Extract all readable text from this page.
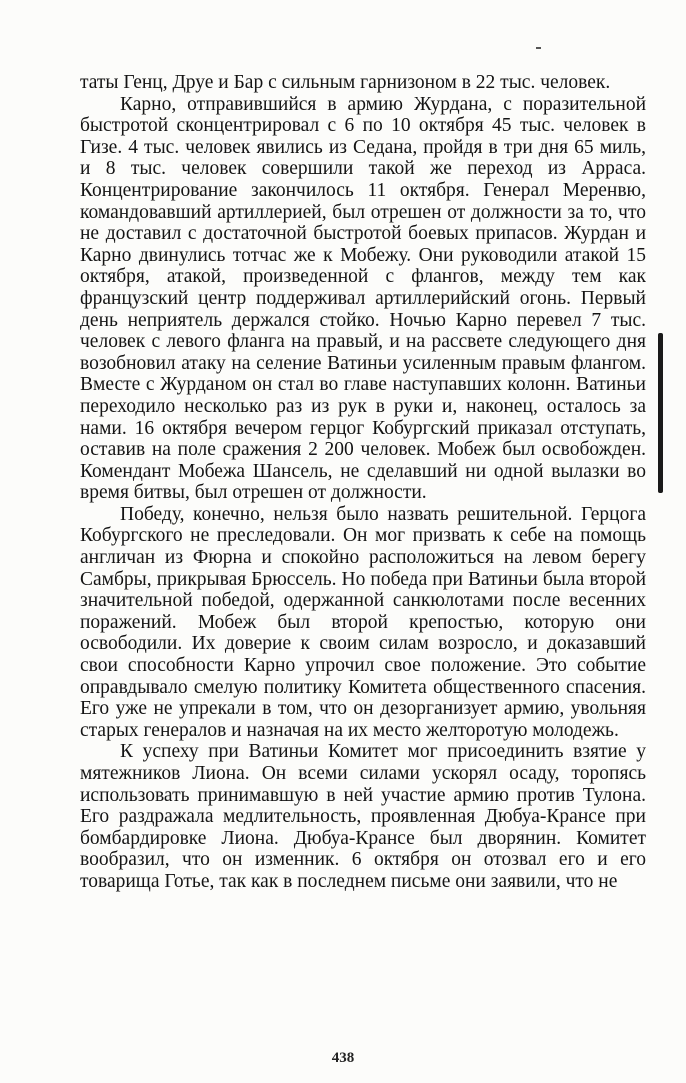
таты Генц, Друе и Бар с сильным гарнизоном в 22 тыс. человек.

Карно, отправившийся в армию Журдана, с поразительной быстротой сконцентрировал с 6 по 10 октября 45 тыс. человек в Гизе. 4 тыс. человек явились из Седана, пройдя в три дня 65 миль, и 8 тыс. человек совершили такой же переход из Арраса. Концентрирование закончилось 11 октября. Генерал Меренвю, командовавший артиллерией, был отрешен от должности за то, что не доставил с достаточной быстротой боевых припасов. Журдан и Карно двинулись тотчас же к Мобежу. Они руководили атакой 15 октября, атакой, произведенной с флангов, между тем как французский центр поддерживал артиллерийский огонь. Первый день неприятель держался стойко. Ночью Карно перевел 7 тыс. человек с левого фланга на правый, и на рассвете следующего дня возобновил атаку на селение Ватиньи усиленным правым флангом. Вместе с Журданом он стал во главе наступавших колонн. Ватиньи переходило несколько раз из рук в руки и, наконец, осталось за нами. 16 октября вечером герцог Кобургский приказал отступать, оставив на поле сражения 2 200 человек. Мобеж был освобожден. Комендант Мобежа Шансель, не сделавший ни одной вылазки во время битвы, был отрешен от должности.

Победу, конечно, нельзя было назвать решительной. Герцога Кобургского не преследовали. Он мог призвать к себе на помощь англичан из Фюрна и спокойно расположиться на левом берегу Самбры, прикрывая Брюссель. Но победа при Ватиньи была второй значительной победой, одержанной санкюлотами после весенних поражений. Мобеж был второй крепостью, которую они освободили. Их доверие к своим силам возросло, и доказавший свои способности Карно упрочил свое положение. Это событие оправдывало смелую политику Комитета общественного спасения. Его уже не упрекали в том, что он дезорганизует армию, увольняя старых генералов и назначая на их место желторотую молодежь.

К успеху при Ватиньи Комитет мог присоединить взятие у мятежников Лиона. Он всеми силами ускорял осаду, торопясь использовать принимавшую в ней участие армию против Тулона. Его раздражала медлительность, проявленная Дюбуа-Крансе при бомбардировке Лиона. Дюбуа-Крансе был дворянин. Комитет вообразил, что он изменник. 6 октября он отозвал его и его товарища Готье, так как в последнем письме они заявили, что не

438
